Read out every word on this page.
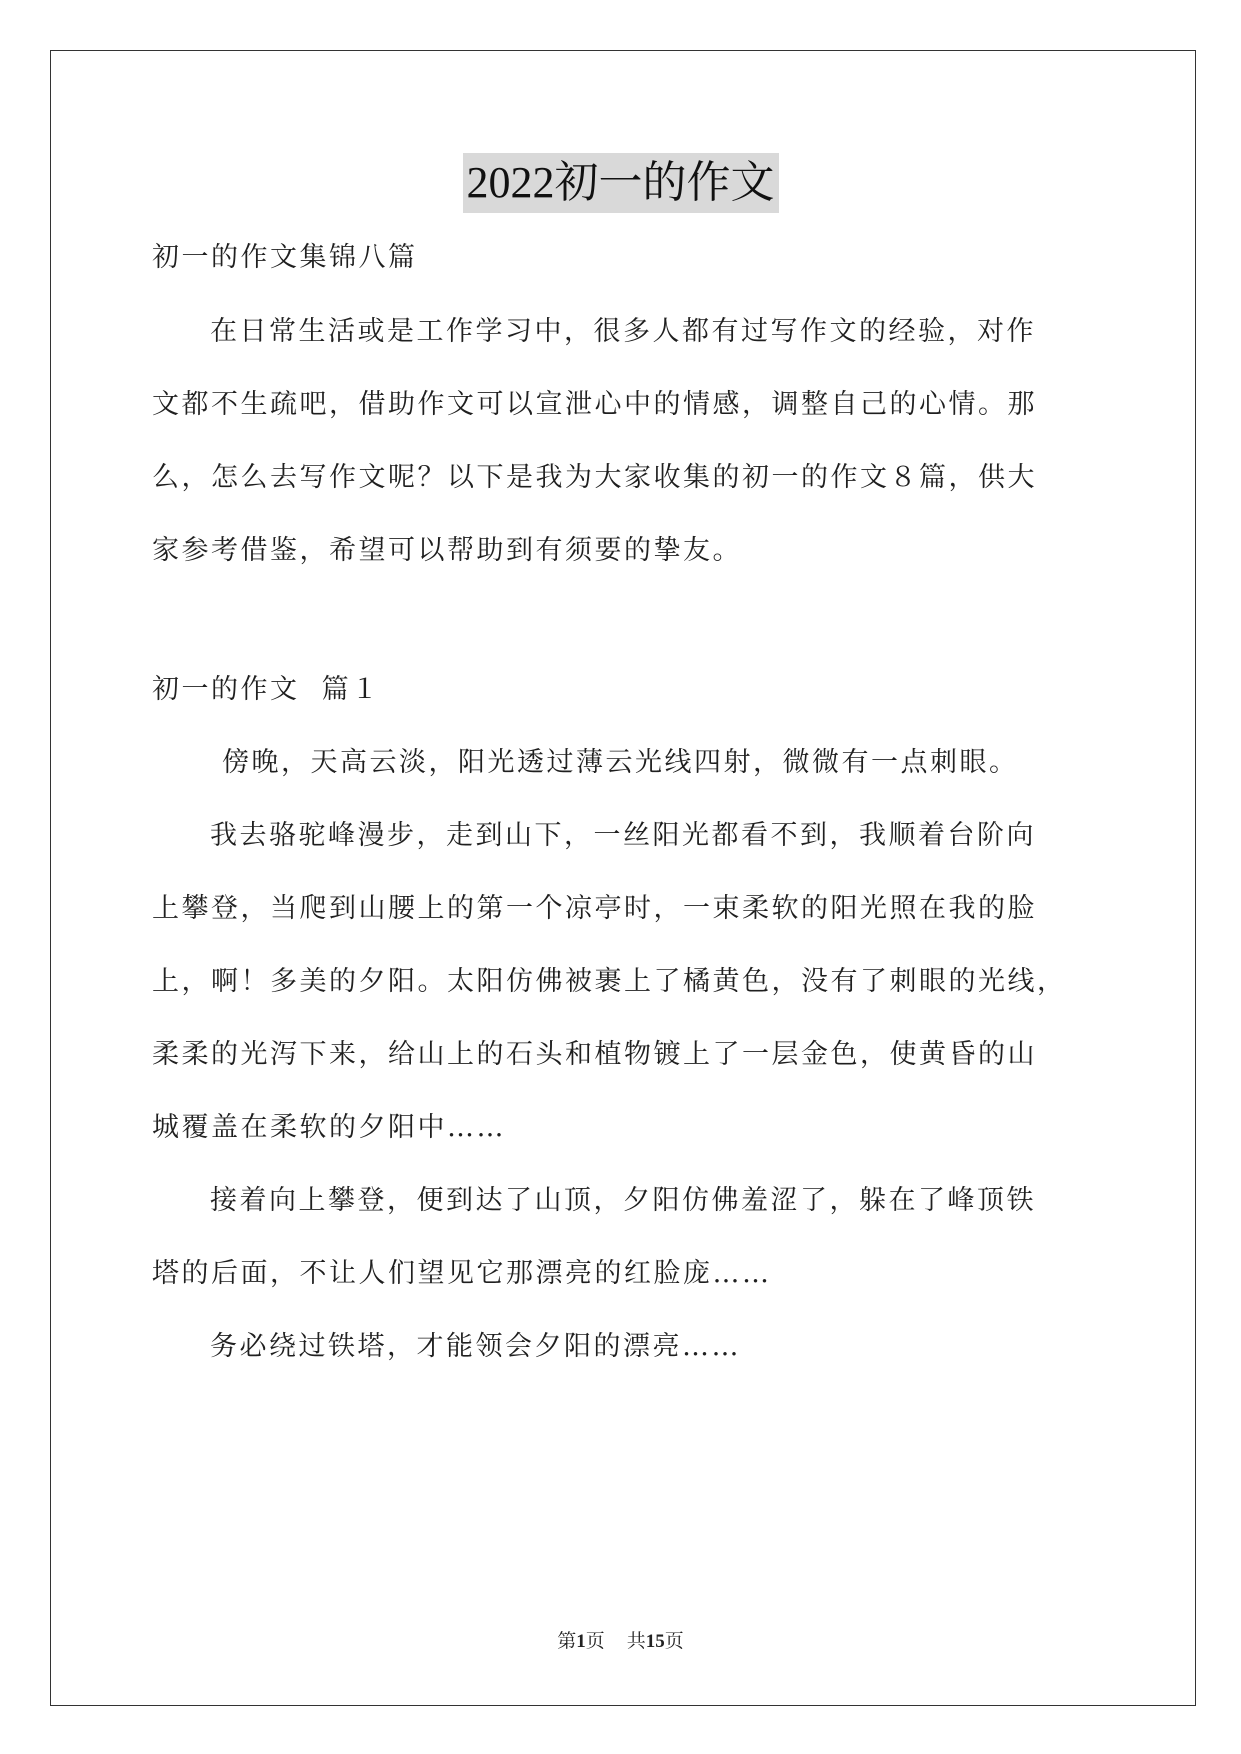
2022初一的作文
初一的作文集锦八篇
在日常生活或是工作学习中，很多人都有过写作文的经验，对作
文都不生疏吧，借助作文可以宣泄心中的情感，调整自己的心情。那
么，怎么去写作文呢？以下是我为大家收集的初一的作文８篇，供大
家参考借鉴，希望可以帮助到有须要的挚友。
初一的作文  篇１
傍晚，天高云淡，阳光透过薄云光线四射，微微有一点刺眼。
我去骆驼峰漫步，走到山下，一丝阳光都看不到，我顺着台阶向
上攀登，当爬到山腰上的第一个凉亭时，一束柔软的阳光照在我的脸
上，啊！多美的夕阳。太阳仿佛被裹上了橘黄色，没有了刺眼的光线，
柔柔的光泻下来，给山上的石头和植物镀上了一层金色，使黄昏的山
城覆盖在柔软的夕阳中……
接着向上攀登，便到达了山顶，夕阳仿佛羞涩了，躲在了峰顶铁
塔的后面，不让人们望见它那漂亮的红脸庞……
务必绕过铁塔，才能领会夕阳的漂亮……
第1页 共15页
